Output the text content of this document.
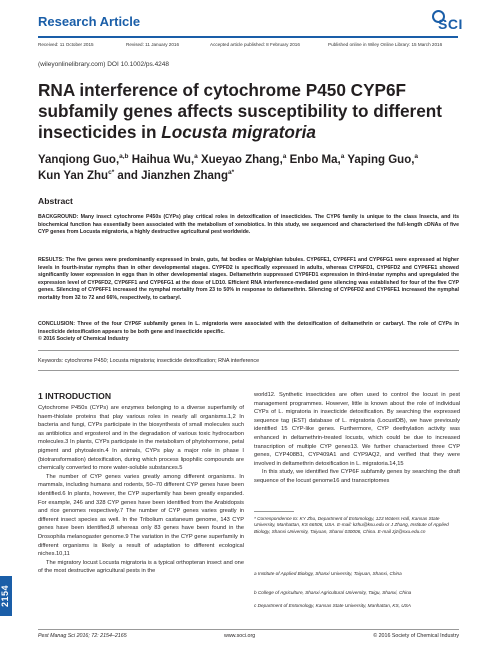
Research Article	SCI
Received: 11 October 2015	Revised: 11 January 2016	Accepted article published: 8 February 2016	Published online in Wiley Online Library: 15 March 2016
(wileyonlinelibrary.com) DOI 10.1002/ps.4248
RNA interference of cytochrome P450 CYP6F subfamily genes affects susceptibility to different insecticides in Locusta migratoria
Yanqiong Guo,$^{a,b}$ Haihua Wu,$^a$ Xueyao Zhang,$^a$ Enbo Ma,$^a$ Yaping Guo,$^a$
Kun Yan Zhu$^{c*}$ and Jianzhen Zhang$^{a*}$
Abstract
BACKGROUND: Many insect cytochrome P450s (CYPs) play critical roles in detoxification of insecticides. The CYP6 family is unique to the class Insecta, and its biochemical function has essentially been associated with the metabolism of xenobiotics. In this study, we sequenced and characterised the full-length cDNAs of five CYP genes from Locusta migratoria, a highly destructive agricultural pest worldwide.
RESULTS: The five genes were predominantly expressed in brain, guts, fat bodies or Malpighian tubules. CYP6FE1, CYP6FF1 and CYP6FG1 were expressed at higher levels in fourth-instar nymphs than in other developmental stages. CYPFD2 is specifically expressed in adults, whereas CYP6FD1, CYP6FD2 and CYP6FE1 showed significantly lower expression in eggs than in other developmental stages. Deltamethrin suppressed CYP6FD1 expression in third-instar nymphs and upregulated the expression level of CYP6FD2, CYP6FF1 and CYP6FG1 at the dose of LD10. Efficient RNA interference-mediated gene silencing was established for four of the five CYP genes. Silencing of CYP6FF1 increased the nymphal mortality from 23 to 50% in response to deltamethrin. Silencing of CYP6FD2 and CYP6FE1 increased the nymphal mortality from 32 to 72 and 66%, respectively, to carbaryl.
CONCLUSION: Three of the four CYP6F subfamily genes in L. migratoria were associated with the detoxification of deltamethrin or carbaryl. The role of CYPs in insecticide detoxification appears to be both gene and insecticide specific.
© 2016 Society of Chemical Industry
Keywords: cytochrome P450; Locusta migratoria; insecticide detoxification; RNA interference
1 INTRODUCTION
Cytochrome P450s (CYPs) are enzymes belonging to a diverse superfamily of haem-thiolate proteins that play various roles in nearly all organisms.1,2 In bacteria and fungi, CYPs participate in the biosynthesis of small molecules such as antibiotics and ergosterol and in the degradation of various toxic hydrocarbon molecules.3 In plants, CYPs participate in the metabolism of phytohormone, petal pigment and phytoalexin.4 In animals, CYPs play a major role in phase I (biotransformation) detoxification, during which process lipophilic compounds are chemically converted to more water-soluble substances.5
The number of CYP genes varies greatly among different organisms. In mammals, including humans and rodents, 50–70 different CYP genes have been identified.6 In plants, however, the CYP superfamily has been greatly expanded. For example, 246 and 328 CYP genes have been identified from the Arabidopsis and rice genomes respectively.7 The number of CYP genes varies greatly in different insect species as well. In the Tribolium castaneum genome, 143 CYP genes have been identified,8 whereas only 83 genes have been found in the Drosophila melanogaster genome.9 The variation in the CYP gene superfamily in different organisms is likely a result of adaptation to different ecological niches.10,11
The migratory locust Locusta migratoria is a typical orthopteran insect and one of the most destructive agricultural pests in the
world12. Synthetic insecticides are often used to control the locust in pest management programmes. However, little is known about the role of individual CYPs of L. migratoria in insecticide detoxification. By searching the expressed sequence tag (EST) database of L. migratoria (LocustDB), we have previously identified 15 CYP-like genes. Furthermore, CYP deethylation activity was enhanced in deltamethrin-treated locusts, which could be due to increased transcription of multiple CYP genes13. We further characterised three CYP genes, CYP408B1, CYP409A1 and CYP9AQ2, and verified that they were involved in deltamethrin detoxification in L. migratoria.14,15
In this study, we identified five CYP6F subfamily genes by searching the draft sequence of the locust genome16 and transcriptomes
* Correspondence to: KY Zhu, Department of Entomology, 123 Waters Hall, Kansas State University, Manhattan, KS 66506, USA. E-mail: kzhu@ksu.edu or J Zhang, Institute of Applied Biology, Shanxi University, Taiyuan, Shanxi 030006, China. E-mail zjz@sxu.edu.cn
a Institute of Applied Biology, Shanxi University, Taiyuan, Shanxi, China
b College of Agriculture, Shanxi Agricultural University, Taigu, Shanxi, China
c Department of Entomology, Kansas State University, Manhattan, KS, USA
2154
Pest Manag Sci 2016; 72: 2154–2165	www.soci.org	© 2016 Society of Chemical Industry
